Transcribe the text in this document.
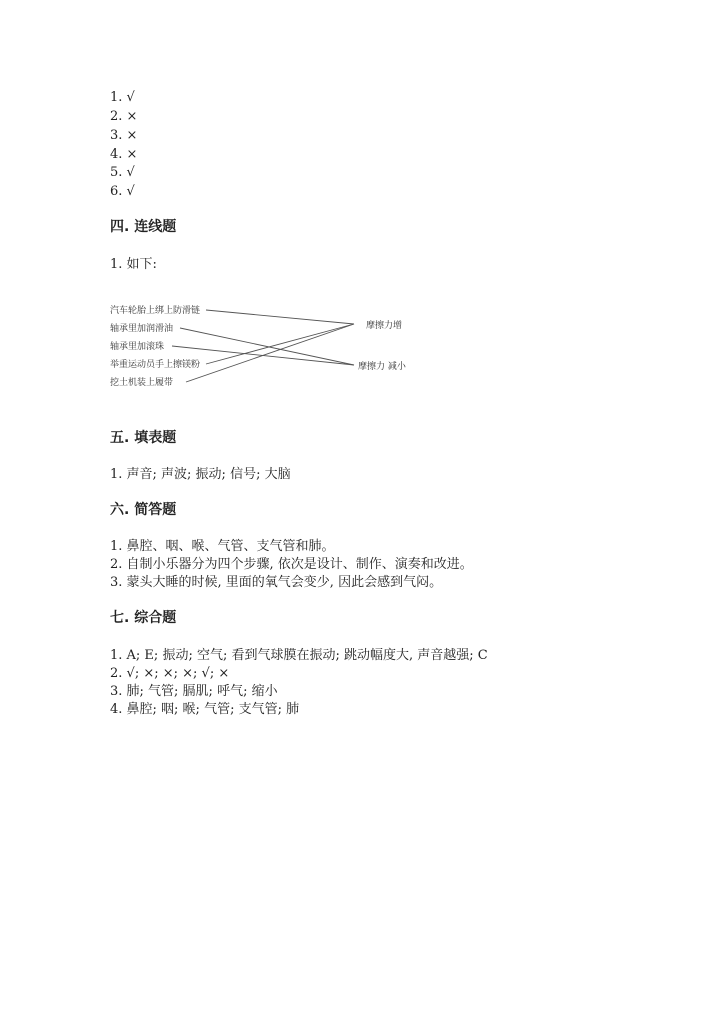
1. √
2. ×
3. ×
4. ×
5. √
6. √
四. 连线题
1. 如下:
汽车轮胎上绑上防滑链
轴承里加润滑油
轴承里加滚珠
举重运动员手上擦镁粉
挖土机装上履带
摩擦力增
摩擦力 减小
五. 填表题
1. 声音; 声波; 振动; 信号; 大脑
六. 简答题
1. 鼻腔、咽、喉、气管、支气管和肺。
2. 自制小乐器分为四个步骤, 依次是设计、制作、演奏和改进。
3. 蒙头大睡的时候, 里面的氧气会变少, 因此会感到气闷。
七. 综合题
1. A; E; 振动; 空气; 看到气球膜在振动; 跳动幅度大, 声音越强; C
2. √; ×; ×; ×; √; ×
3. 肺; 气管; 膈肌; 呼气; 缩小
4. 鼻腔; 咽; 喉; 气管; 支气管; 肺
